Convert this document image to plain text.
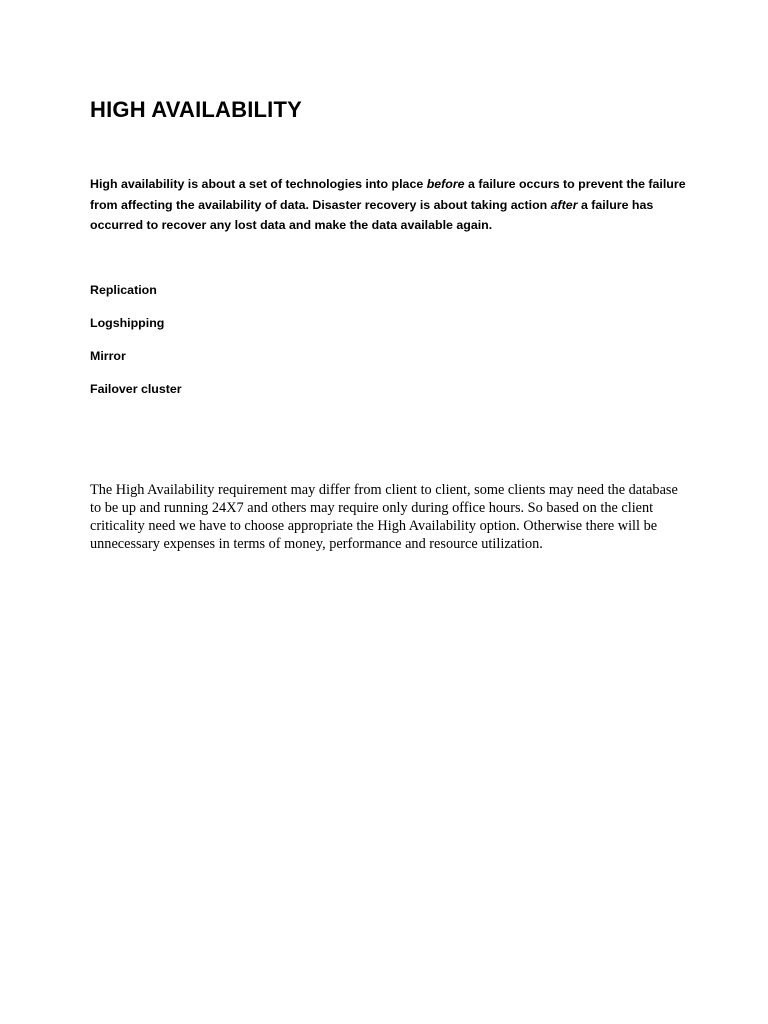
HIGH AVAILABILITY

High availability is about a set of technologies into place before a failure occurs to prevent the failure from affecting the availability of data. Disaster recovery is about taking action after a failure has occurred to recover any lost data and make the data available again.

Replication
Logshipping
Mirror
Failover cluster

The High Availability requirement may differ from client to client, some clients may need the database to be up and running 24X7 and others may require only during office hours. So based on the client criticality need we have to choose appropriate the High Availability option. Otherwise there will be unnecessary expenses in terms of money, performance and resource utilization.
